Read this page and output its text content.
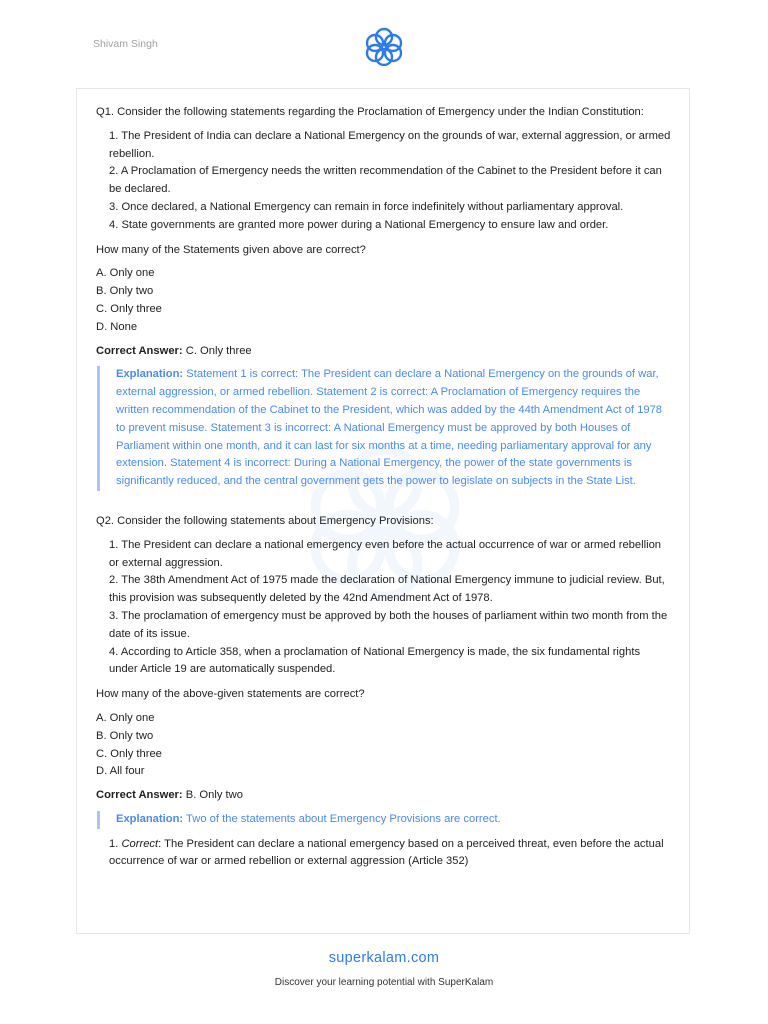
Shivam Singh

Q1. Consider the following statements regarding the Proclamation of Emergency under the Indian Constitution:

1. The President of India can declare a National Emergency on the grounds of war, external aggression, or armed rebellion.
2. A Proclamation of Emergency needs the written recommendation of the Cabinet to the President before it can be declared.
3. Once declared, a National Emergency can remain in force indefinitely without parliamentary approval.
4. State governments are granted more power during a National Emergency to ensure law and order.

How many of the Statements given above are correct?

A. Only one
B. Only two
C. Only three
D. None

Correct Answer: C. Only three

Explanation: Statement 1 is correct: The President can declare a National Emergency on the grounds of war, external aggression, or armed rebellion. Statement 2 is correct: A Proclamation of Emergency requires the written recommendation of the Cabinet to the President, which was added by the 44th Amendment Act of 1978 to prevent misuse. Statement 3 is incorrect: A National Emergency must be approved by both Houses of Parliament within one month, and it can last for six months at a time, needing parliamentary approval for any extension. Statement 4 is incorrect: During a National Emergency, the power of the state governments is significantly reduced, and the central government gets the power to legislate on subjects in the State List.

Q2. Consider the following statements about Emergency Provisions:

1. The President can declare a national emergency even before the actual occurrence of war or armed rebellion or external aggression.
2. The 38th Amendment Act of 1975 made the declaration of National Emergency immune to judicial review. But, this provision was subsequently deleted by the 42nd Amendment Act of 1978.
3. The proclamation of emergency must be approved by both the houses of parliament within two month from the date of its issue.
4. According to Article 358, when a proclamation of National Emergency is made, the six fundamental rights under Article 19 are automatically suspended.

How many of the above-given statements are correct?

A. Only one
B. Only two
C. Only three
D. All four

Correct Answer: B. Only two

Explanation: Two of the statements about Emergency Provisions are correct.

1. Correct: The President can declare a national emergency based on a perceived threat, even before the actual occurrence of war or armed rebellion or external aggression (Article 352)

superkalam.com
Discover your learning potential with SuperKalam
